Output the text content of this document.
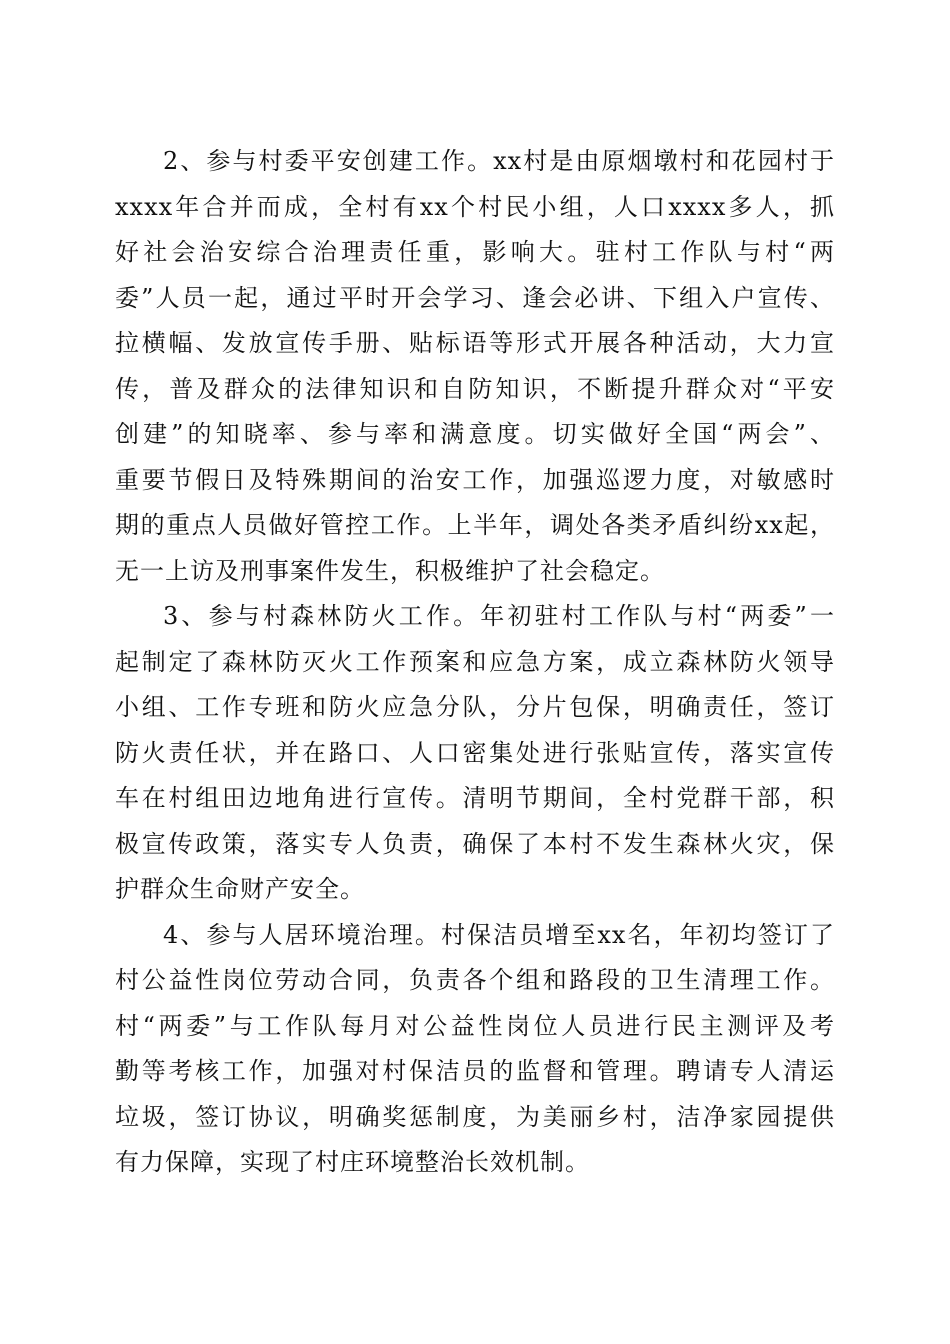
2、参与村委平安创建工作。xx村是由原烟墩村和花园村于
xxxx年合并而成，全村有xx个村民小组，人口xxxx多人，抓
好社会治安综合治理责任重，影响大。驻村工作队与村“两
委”人员一起，通过平时开会学习、逢会必讲、下组入户宣传、
拉横幅、发放宣传手册、贴标语等形式开展各种活动，大力宣
传，普及群众的法律知识和自防知识，不断提升群众对“平安
创建”的知晓率、参与率和满意度。切实做好全国“两会”、
重要节假日及特殊期间的治安工作，加强巡逻力度，对敏感时
期的重点人员做好管控工作。上半年，调处各类矛盾纠纷xx起，
无一上访及刑事案件发生，积极维护了社会稳定。
3、参与村森林防火工作。年初驻村工作队与村“两委”一
起制定了森林防灭火工作预案和应急方案，成立森林防火领导
小组、工作专班和防火应急分队，分片包保，明确责任，签订
防火责任状，并在路口、人口密集处进行张贴宣传，落实宣传
车在村组田边地角进行宣传。清明节期间，全村党群干部，积
极宣传政策，落实专人负责，确保了本村不发生森林火灾，保
护群众生命财产安全。
4、参与人居环境治理。村保洁员增至xx名，年初均签订了
村公益性岗位劳动合同，负责各个组和路段的卫生清理工作。
村“两委”与工作队每月对公益性岗位人员进行民主测评及考
勤等考核工作，加强对村保洁员的监督和管理。聘请专人清运
垃圾，签订协议，明确奖惩制度，为美丽乡村，洁净家园提供
有力保障，实现了村庄环境整治长效机制。
